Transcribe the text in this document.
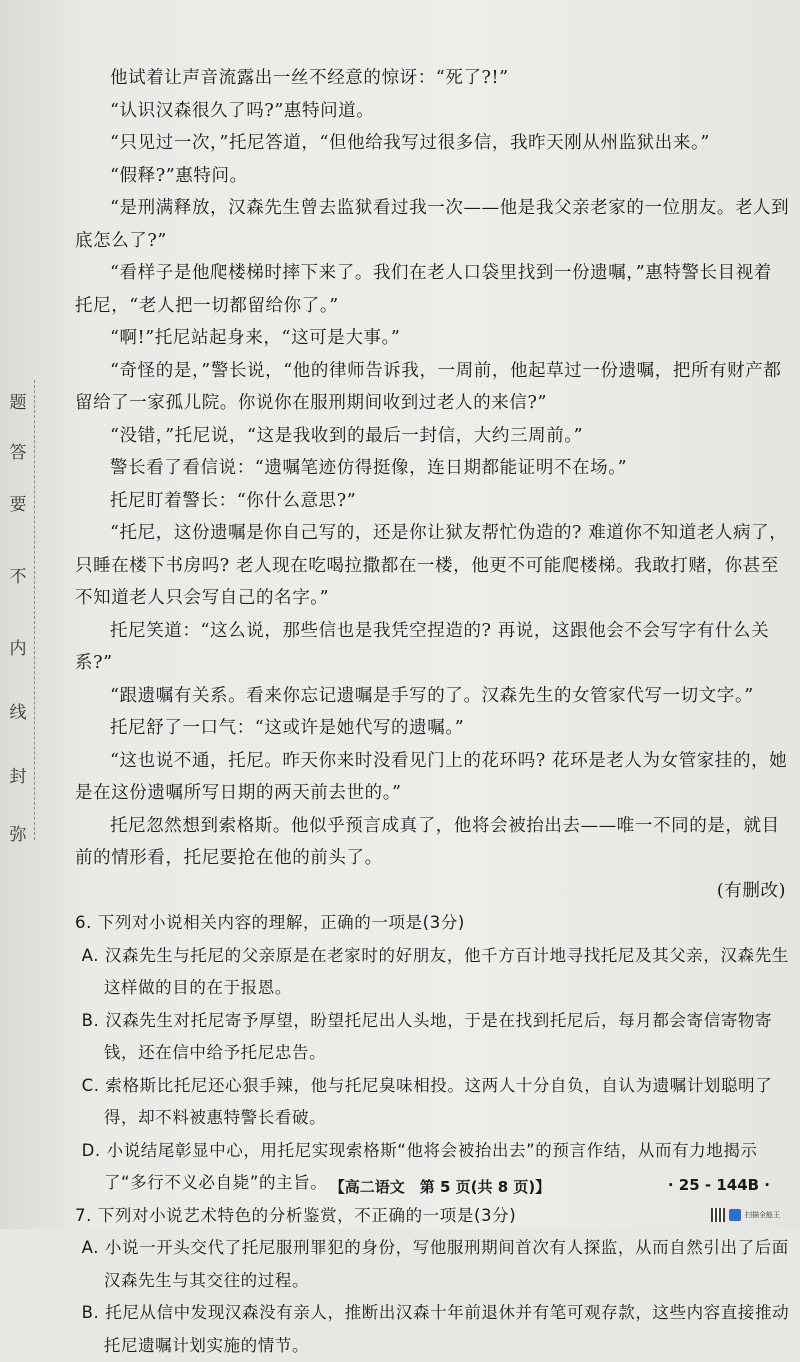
弥
封
线
内
不
要
答
题

他试着让声音流露出一丝不经意的惊讶：“死了?!”

“认识汉森很久了吗?”惠特问道。

“只见过一次，”托尼答道，“但他给我写过很多信，我昨天刚从州监狱出来。”

“假释?”惠特问。

“是刑满释放，汉森先生曾去监狱看过我一次——他是我父亲老家的一位朋友。老人到底怎么了?”

“看样子是他爬楼梯时摔下来了。我们在老人口袋里找到一份遗嘱，”惠特警长目视着托尼，“老人把一切都留给你了。”

“啊!”托尼站起身来，“这可是大事。”

“奇怪的是，”警长说，“他的律师告诉我，一周前，他起草过一份遗嘱，把所有财产都留给了一家孤儿院。你说你在服刑期间收到过老人的来信?”

“没错，”托尼说，“这是我收到的最后一封信，大约三周前。”

警长看了看信说：“遗嘱笔迹仿得挺像，连日期都能证明不在场。”

托尼盯着警长：“你什么意思?”

“托尼，这份遗嘱是你自己写的，还是你让狱友帮忙伪造的? 难道你不知道老人病了，只睡在楼下书房吗? 老人现在吃喝拉撒都在一楼，他更不可能爬楼梯。我敢打赌，你甚至不知道老人只会写自己的名字。”

托尼笑道：“这么说，那些信也是我凭空捏造的? 再说，这跟他会不会写字有什么关系?”

“跟遗嘱有关系。看来你忘记遗嘱是手写的了。汉森先生的女管家代写一切文字。”

托尼舒了一口气：“这或许是她代写的遗嘱。”

“这也说不通，托尼。昨天你来时没看见门上的花环吗? 花环是老人为女管家挂的，她是在这份遗嘱所写日期的两天前去世的。”

托尼忽然想到索格斯。他似乎预言成真了，他将会被抬出去——唯一不同的是，就目前的情形看，托尼要抢在他的前头了。

(有删改)

6. 下列对小说相关内容的理解，正确的一项是(3分)

A. 汉森先生与托尼的父亲原是在老家时的好朋友，他千方百计地寻找托尼及其父亲，汉森先生这样做的目的在于报恩。

B. 汉森先生对托尼寄予厚望，盼望托尼出人头地，于是在找到托尼后，每月都会寄信寄物寄钱，还在信中给予托尼忠告。

C. 索格斯比托尼还心狠手辣，他与托尼臭味相投。这两人十分自负，自认为遗嘱计划聪明了得，却不料被惠特警长看破。

D. 小说结尾彰显中心，用托尼实现索格斯“他将会被抬出去”的预言作结，从而有力地揭示了“多行不义必自毙”的主旨。

7. 下列对小说艺术特色的分析鉴赏，不正确的一项是(3分)

A. 小说一开头交代了托尼服刑罪犯的身份，写他服刑期间首次有人探监，从而自然引出了后面汉森先生与其交往的过程。

B. 托尼从信中发现汉森没有亲人，推断出汉森十年前退休并有笔可观存款，这些内容直接推动托尼遗嘱计划实施的情节。

【高二语文　第 5 页(共 8 页)】	· 25 - 144B ·
扫描全能王
